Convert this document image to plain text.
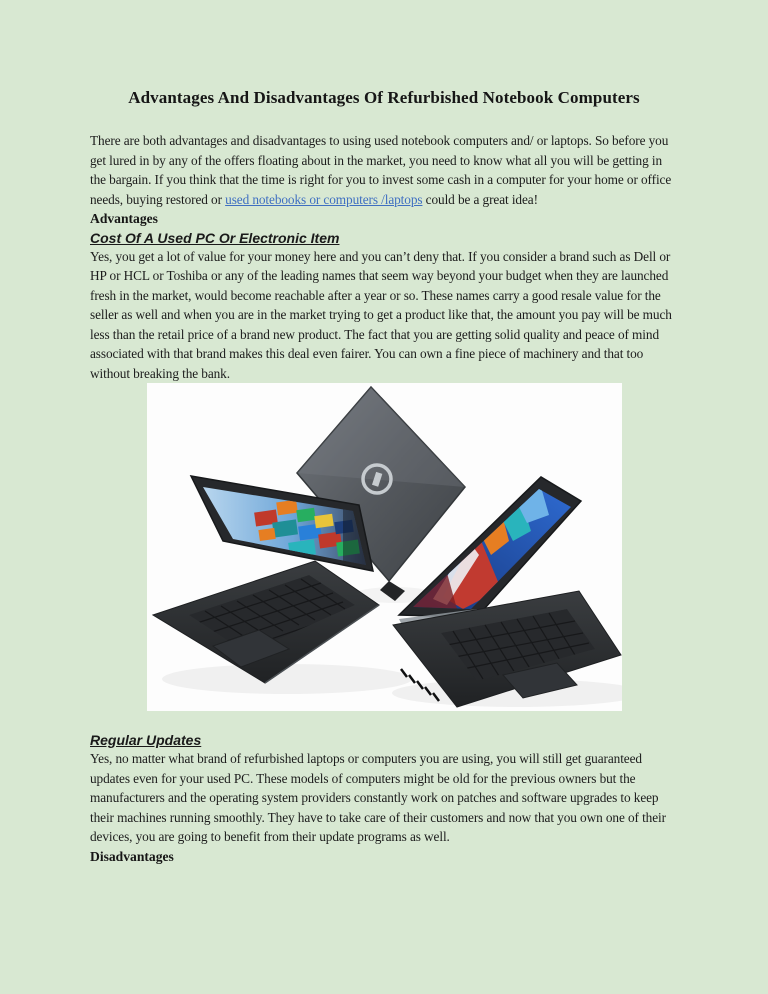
Advantages And Disadvantages Of Refurbished Notebook Computers

There are both advantages and disadvantages to using used notebook computers and/ or laptops. So before you get lured in by any of the offers floating about in the market, you need to know what all you will be getting in the bargain. If you think that the time is right for you to invest some cash in a computer for your home or office needs, buying restored or used notebooks or computers /laptops could be a great idea!

Advantages
Cost Of A Used PC Or Electronic Item

Yes, you get a lot of value for your money here and you can’t deny that. If you consider a brand such as Dell or HP or HCL or Toshiba or any of the leading names that seem way beyond your budget when they are launched fresh in the market, would become reachable after a year or so. These names carry a good resale value for the seller as well and when you are in the market trying to get a product like that, the amount you pay will be much less than the retail price of a brand new product. The fact that you are getting solid quality and peace of mind associated with that brand makes this deal even fairer. You can own a fine piece of machinery and that too without breaking the bank.

Regular Updates

Yes, no matter what brand of refurbished laptops or computers you are using, you will still get guaranteed updates even for your used PC. These models of computers might be old for the previous owners but the manufacturers and the operating system providers constantly work on patches and software upgrades to keep their machines running smoothly. They have to take care of their customers and now that you own one of their devices, you are going to benefit from their update programs as well.

Disadvantages
